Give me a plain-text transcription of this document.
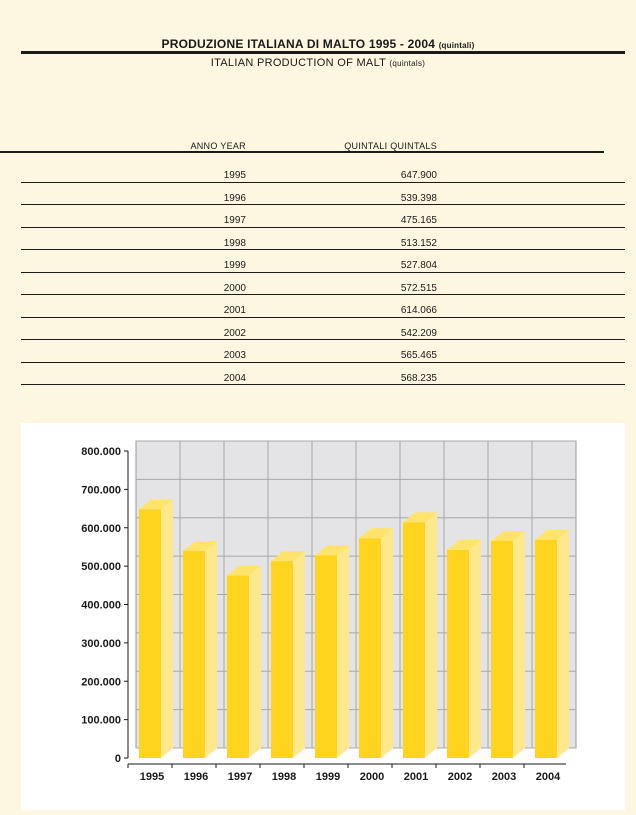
PRODUZIONE ITALIANA DI MALTO 1995 - 2004 (quintali)
ITALIAN PRODUCTION OF MALT (quintals)
ANNO YEAR	QUINTALI QUINTALS
1995	647.900
1996	539.398
1997	475.165
1998	513.152
1999	527.804
2000	572.515
2001	614.066
2002	542.209
2003	565.465
2004	568.235
0
100.000
200.000
300.000
400.000
500.000
600.000
700.000
800.000
1995 1996 1997 1998 1999 2000 2001 2002 2003 2004
